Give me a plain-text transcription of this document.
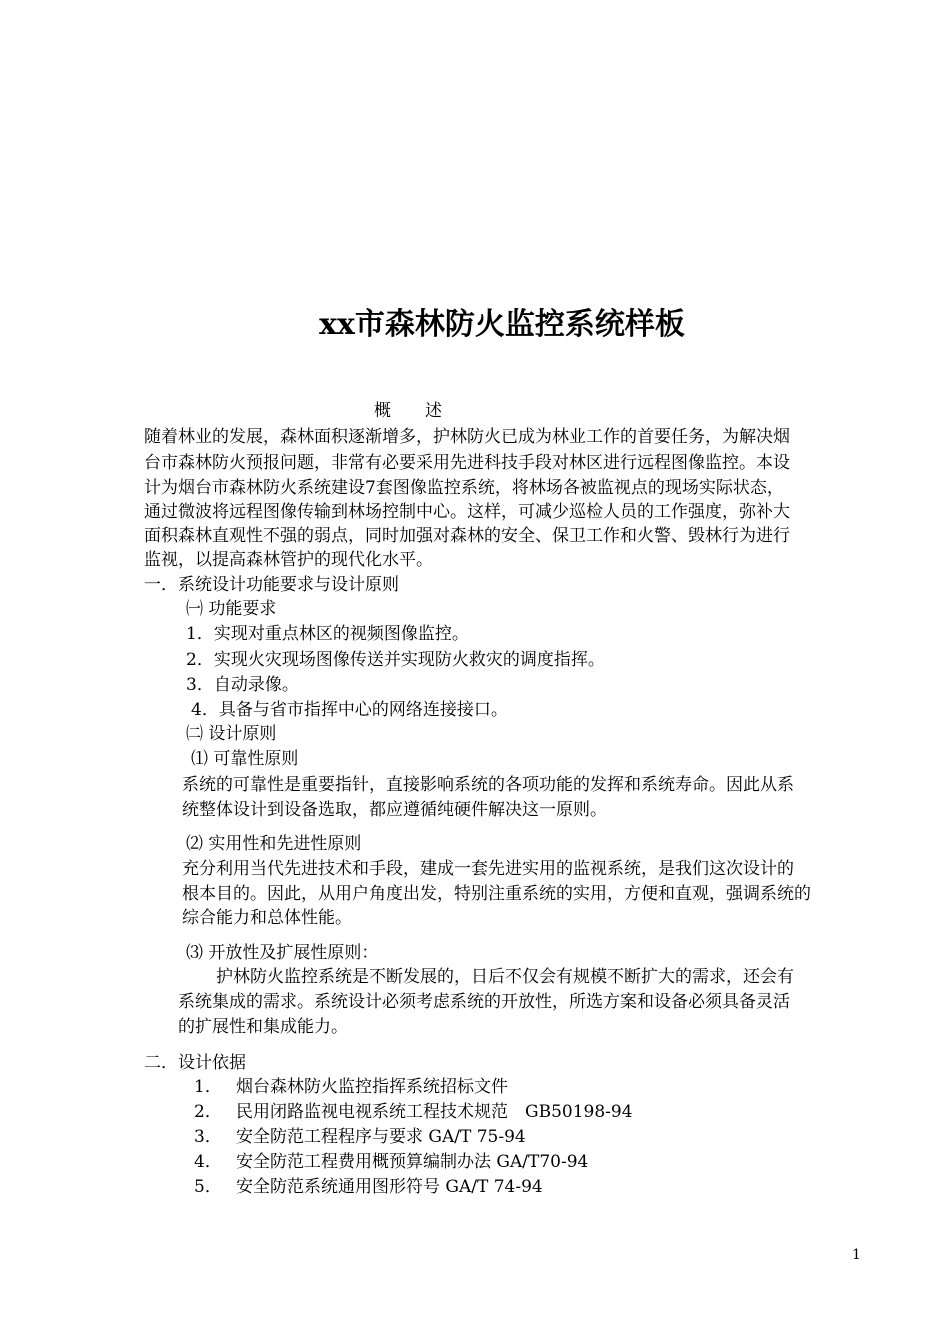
xx市森林防火监控系统样板
概　　述
随着林业的发展，森林面积逐渐增多，护林防火已成为林业工作的首要任务，为解决烟
台市森林防火预报问题，非常有必要采用先进科技手段对林区进行远程图像监控。本设
计为烟台市森林防火系统建设7套图像监控系统，将林场各被监视点的现场实际状态，
通过微波将远程图像传输到林场控制中心。这样，可减少巡检人员的工作强度，弥补大
面积森林直观性不强的弱点，同时加强对森林的安全、保卫工作和火警、毁林行为进行
监视，以提高森林管护的现代化水平。
一．系统设计功能要求与设计原则
㈠ 功能要求
1．实现对重点林区的视频图像监控。
2．实现火灾现场图像传送并实现防火救灾的调度指挥。
3．自动录像。
4．具备与省市指挥中心的网络连接接口。
㈡ 设计原则
⑴ 可靠性原则
系统的可靠性是重要指针，直接影响系统的各项功能的发挥和系统寿命。因此从系
统整体设计到设备选取，都应遵循纯硬件解决这一原则。
⑵ 实用性和先进性原则
充分利用当代先进技术和手段，建成一套先进实用的监视系统，是我们这次设计的
根本目的。因此，从用户角度出发，特别注重系统的实用，方便和直观，强调系统的
综合能力和总体性能。
⑶ 开放性及扩展性原则：
护林防火监控系统是不断发展的，日后不仅会有规模不断扩大的需求，还会有
系统集成的需求。系统设计必须考虑系统的开放性，所选方案和设备必须具备灵活
的扩展性和集成能力。
二．设计依据
1． 烟台森林防火监控指挥系统招标文件
2． 民用闭路监视电视系统工程技术规范　GB50198-94
3． 安全防范工程程序与要求 GA/T 75-94
4． 安全防范工程费用概预算编制办法 GA/T70-94
5． 安全防范系统通用图形符号 GA/T 74-94
1
